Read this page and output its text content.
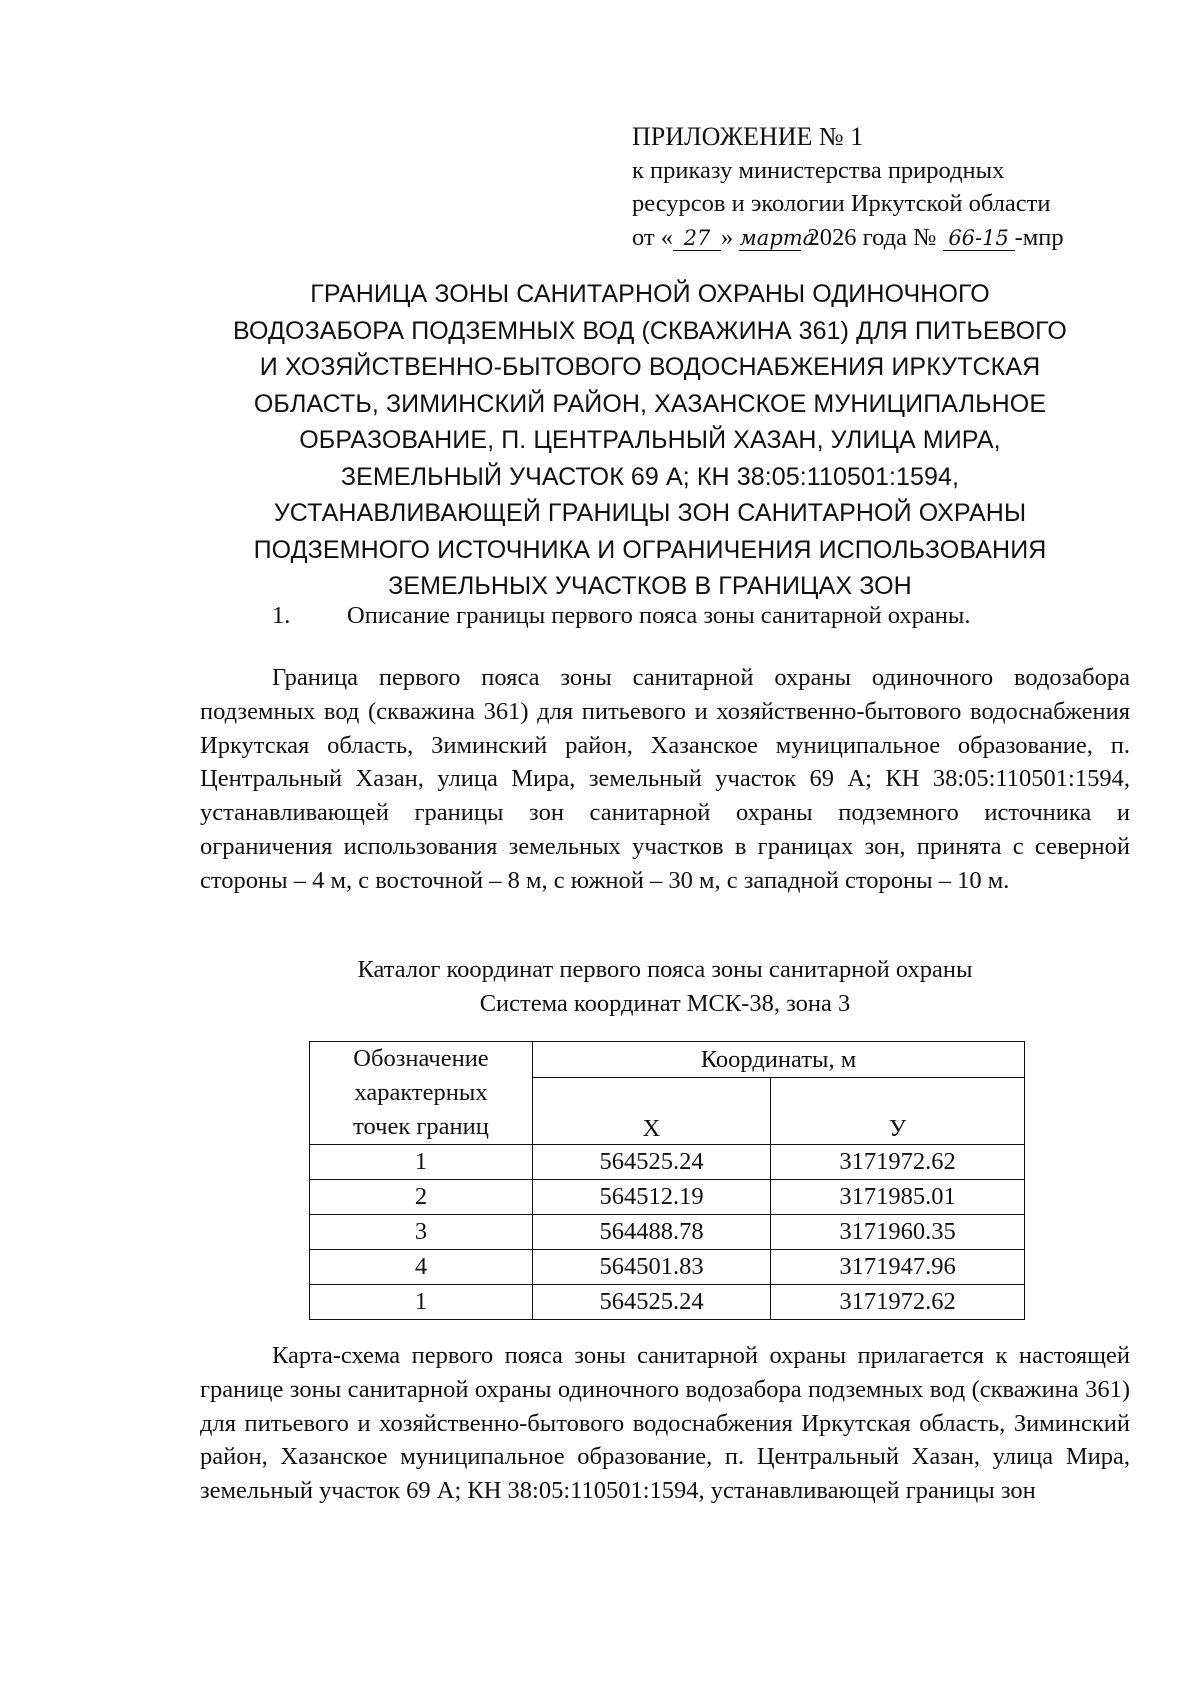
ПРИЛОЖЕНИЕ № 1
к приказу министерства природных
ресурсов и экологии Иркутской области
от « 27 » марта 2026 года № 66-15 -мпр
ГРАНИЦА ЗОНЫ САНИТАРНОЙ ОХРАНЫ ОДИНОЧНОГО
ВОДОЗАБОРА ПОДЗЕМНЫХ ВОД (СКВАЖИНА 361) ДЛЯ ПИТЬЕВОГО
И ХОЗЯЙСТВЕННО-БЫТОВОГО ВОДОСНАБЖЕНИЯ ИРКУТСКАЯ
ОБЛАСТЬ, ЗИМИНСКИЙ РАЙОН, ХАЗАНСКОЕ МУНИЦИПАЛЬНОЕ
ОБРАЗОВАНИЕ, П. ЦЕНТРАЛЬНЫЙ ХАЗАН, УЛИЦА МИРА,
ЗЕМЕЛЬНЫЙ УЧАСТОК 69 А; КН 38:05:110501:1594,
УСТАНАВЛИВАЮЩЕЙ ГРАНИЦЫ ЗОН САНИТАРНОЙ ОХРАНЫ
ПОДЗЕМНОГО ИСТОЧНИКА И ОГРАНИЧЕНИЯ ИСПОЛЬЗОВАНИЯ
ЗЕМЕЛЬНЫХ УЧАСТКОВ В ГРАНИЦАХ ЗОН
1. Описание границы первого пояса зоны санитарной охраны.

Граница первого пояса зоны санитарной охраны одиночного водозабора подземных вод (скважина 361) для питьевого и хозяйственно-бытового водоснабжения Иркутская область, Зиминский район, Хазанское муниципальное образование, п. Центральный Хазан, улица Мира, земельный участок 69 А; КН 38:05:110501:1594, устанавливающей границы зон санитарной охраны подземного источника и ограничения использования земельных участков в границах зон, принята с северной стороны – 4 м, с восточной – 8 м, с южной – 30 м, с западной стороны – 10 м.

Каталог координат первого пояса зоны санитарной охраны
Система координат МСК-38, зона 3
Обозначение
характерных
точек границ	Координаты, м	
	Х	У
1	564525.24	3171972.62
2	564512.19	3171985.01
3	564488.78	3171960.35
4	564501.83	3171947.96
1	564525.24	3171972.62

Карта-схема первого пояса зоны санитарной охраны прилагается к настоящей границе зоны санитарной охраны одиночного водозабора подземных вод (скважина 361) для питьевого и хозяйственно-бытового водоснабжения Иркутская область, Зиминский район, Хазанское муниципальное образование, п. Центральный Хазан, улица Мира, земельный участок 69 А; КН 38:05:110501:1594, устанавливающей границы зон
